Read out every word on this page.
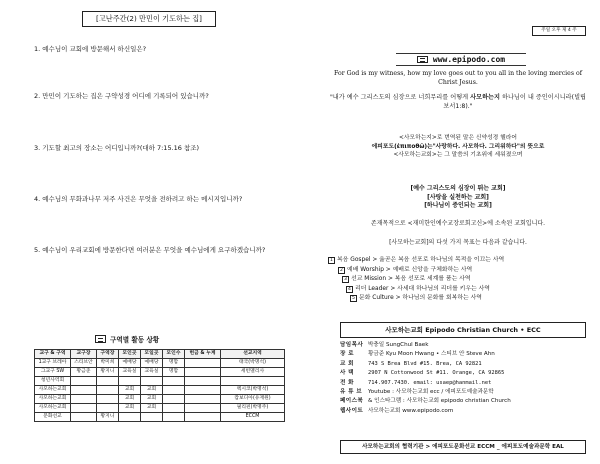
[고난주간(2) 만민이 기도하는 집]
1. 예수님이 교회에 방문해서 하신일은?
2. 만민이 기도하는 집은 구약성경 어디에 기록되어 있습니까?
3. 기도할 최고의 장소는 어디입니까?(대하 7:15.16 참조)
4. 예수님의 무화과나무 저주 사건은 무엇을 전하려고 하는 메시지입니까?
5. 예수님이 우리교회에 방문한다면 여러분은 무엇을 예수님에게 요구하겠습니까?
구역별 활동 상황
교구 & 구역	교구장	구역장	모인곳	모일곳	모인수	헌금 & 누계	선교지역
1교구 브레아	스티브안	박미희	예배당	예배당	명합		태국(박명석)
그교구 SW	황금준	황지니	교육실	교육실	명합		세빈멜리사
청년사역회							
사모하는교회			교회	교회			멕시코(박명석)
사모하는교회			교회	교회			캄보디아(유재원)
사모하는교회			교회	교회			필리핀(박명주)
문화선교		황지니					ECCM
주일 오후 제 4 주
www.epipodo.com
For God is my witness, how my love goes out to you all in the loving mercies of Christ Jesus.
"내가 예수 그리스도의 심장으로 너희무리를 어떻게 사모하는지 하나님이 내 증인이시니라(빌립보서1:8)."
<사모하는지>로 번역된 말은 신약성경 헬라어
에피포도(ἐπιποθῶ)는"사랑하다. 사모하다. 그리워하다"의 뜻으로
<사모하는교회>는 그 말씀의 기초위에 세워졌으며
[예수 그리스도의 심장이 뛰는 교회]
[사랑을 실천하는 교회]
[하나님이 증인되는 교회]
존재목적으로 <재미한인예수교장로회고신>에 소속된 교회입니다.
[사모하는교회]의 다섯 가지 목표는 다음과 같습니다.
1 복음 Gospel > 옳곧은 복음 선포로 하나님의 목적을 이끄는 사역
2 예배 Worship > 예배로 신앙을 구체화하는 사역
3 선교 Mission > 복음 선포로 세계를 품는 사역
4 리더 Leader > 사세대 하나님의 리더를 키우는 사역
5 문화 Culture > 하나님의 문화를 회복하는 사역
사모하는교회 Epipodo Christian Church • ECC
담임목사 박충일 SungChul Baek
장 로	황금준 Kyu Moon Hwang • 스티브 안 Steve Ahn
교 회	743 S Brea Blvd #15. Brea, CA 92821
사 택	2907 N Cottonwood St #11. Orange, CA 92865
전 화	714.907.7430. email: usaep@hanmail.net
유 튜 브 Youtube : 사모하는교회 ecc / 에피포도예술과문학
페이스북 & 인스타그램 : 사모하는교회 epipodo christian Church
웹사이트 사모하는교회 www.epipodo.com
사모하는교회의 협력기관 > 에피포도문화선교 ECCM _ 에피포도예술과문학 EAL
